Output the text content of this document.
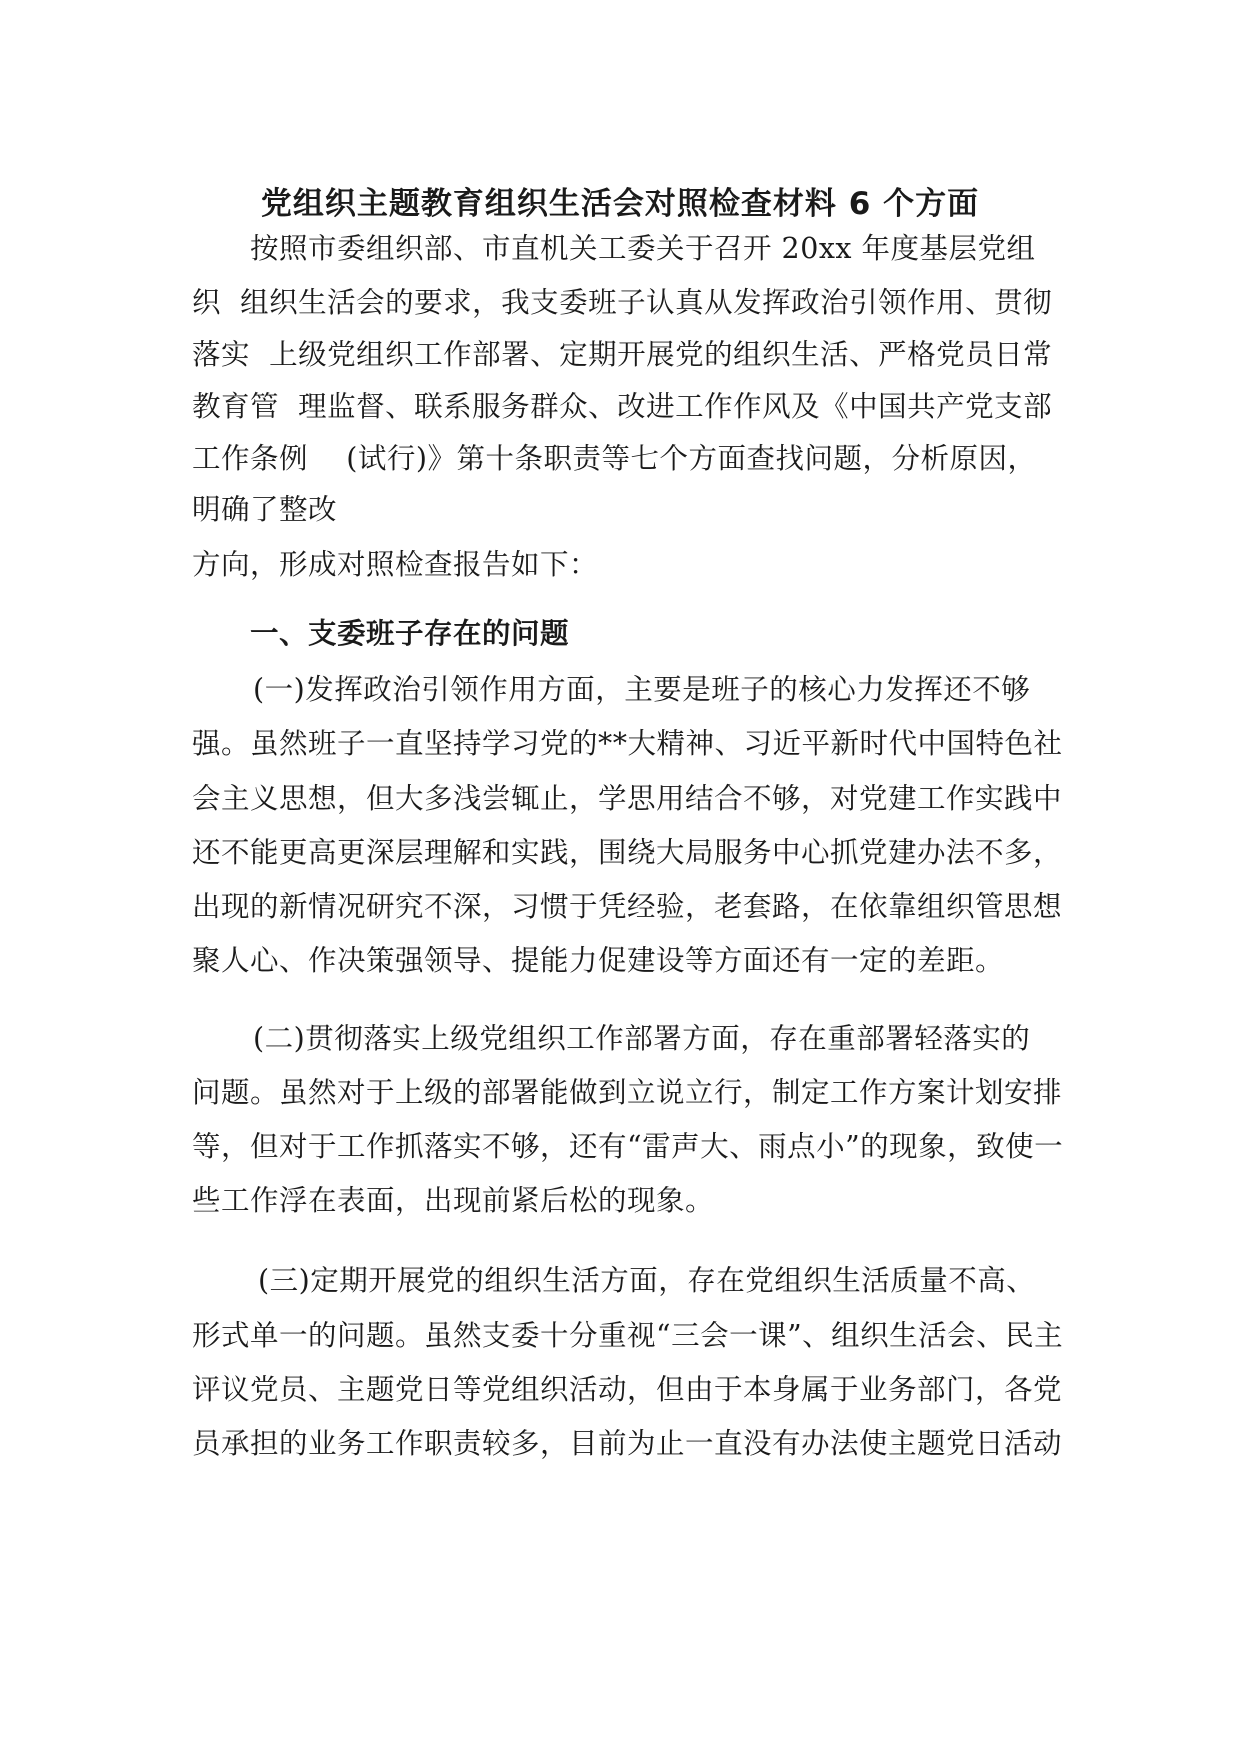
党组织主题教育组织生活会对照检查材料 6 个方面
按照市委组织部、市直机关工委关于召开 20xx 年度基层党组
织  组织生活会的要求，我支委班子认真从发挥政治引领作用、贯彻
落实  上级党组织工作部署、定期开展党的组织生活、严格党员日常
教育管  理监督、联系服务群众、改进工作作风及《中国共产党支部
工作条例    (试行)》第十条职责等七个方面查找问题，分析原因，
明确了整改
方向，形成对照检查报告如下：
一、支委班子存在的问题
(一)发挥政治引领作用方面，主要是班子的核心力发挥还不够
强。虽然班子一直坚持学习党的**大精神、习近平新时代中国特色社
会主义思想，但大多浅尝辄止，学思用结合不够，对党建工作实践中
还不能更高更深层理解和实践，围绕大局服务中心抓党建办法不多，
出现的新情况研究不深，习惯于凭经验，老套路，在依靠组织管思想
聚人心、作决策强领导、提能力促建设等方面还有一定的差距。
(二)贯彻落实上级党组织工作部署方面，存在重部署轻落实的
问题。虽然对于上级的部署能做到立说立行，制定工作方案计划安排
等，但对于工作抓落实不够，还有“雷声大、雨点小”的现象，致使一
些工作浮在表面，出现前紧后松的现象。
(三)定期开展党的组织生活方面，存在党组织生活质量不高、
形式单一的问题。虽然支委十分重视“三会一课”、组织生活会、民主
评议党员、主题党日等党组织活动，但由于本身属于业务部门，各党
员承担的业务工作职责较多，目前为止一直没有办法使主题党日活动
